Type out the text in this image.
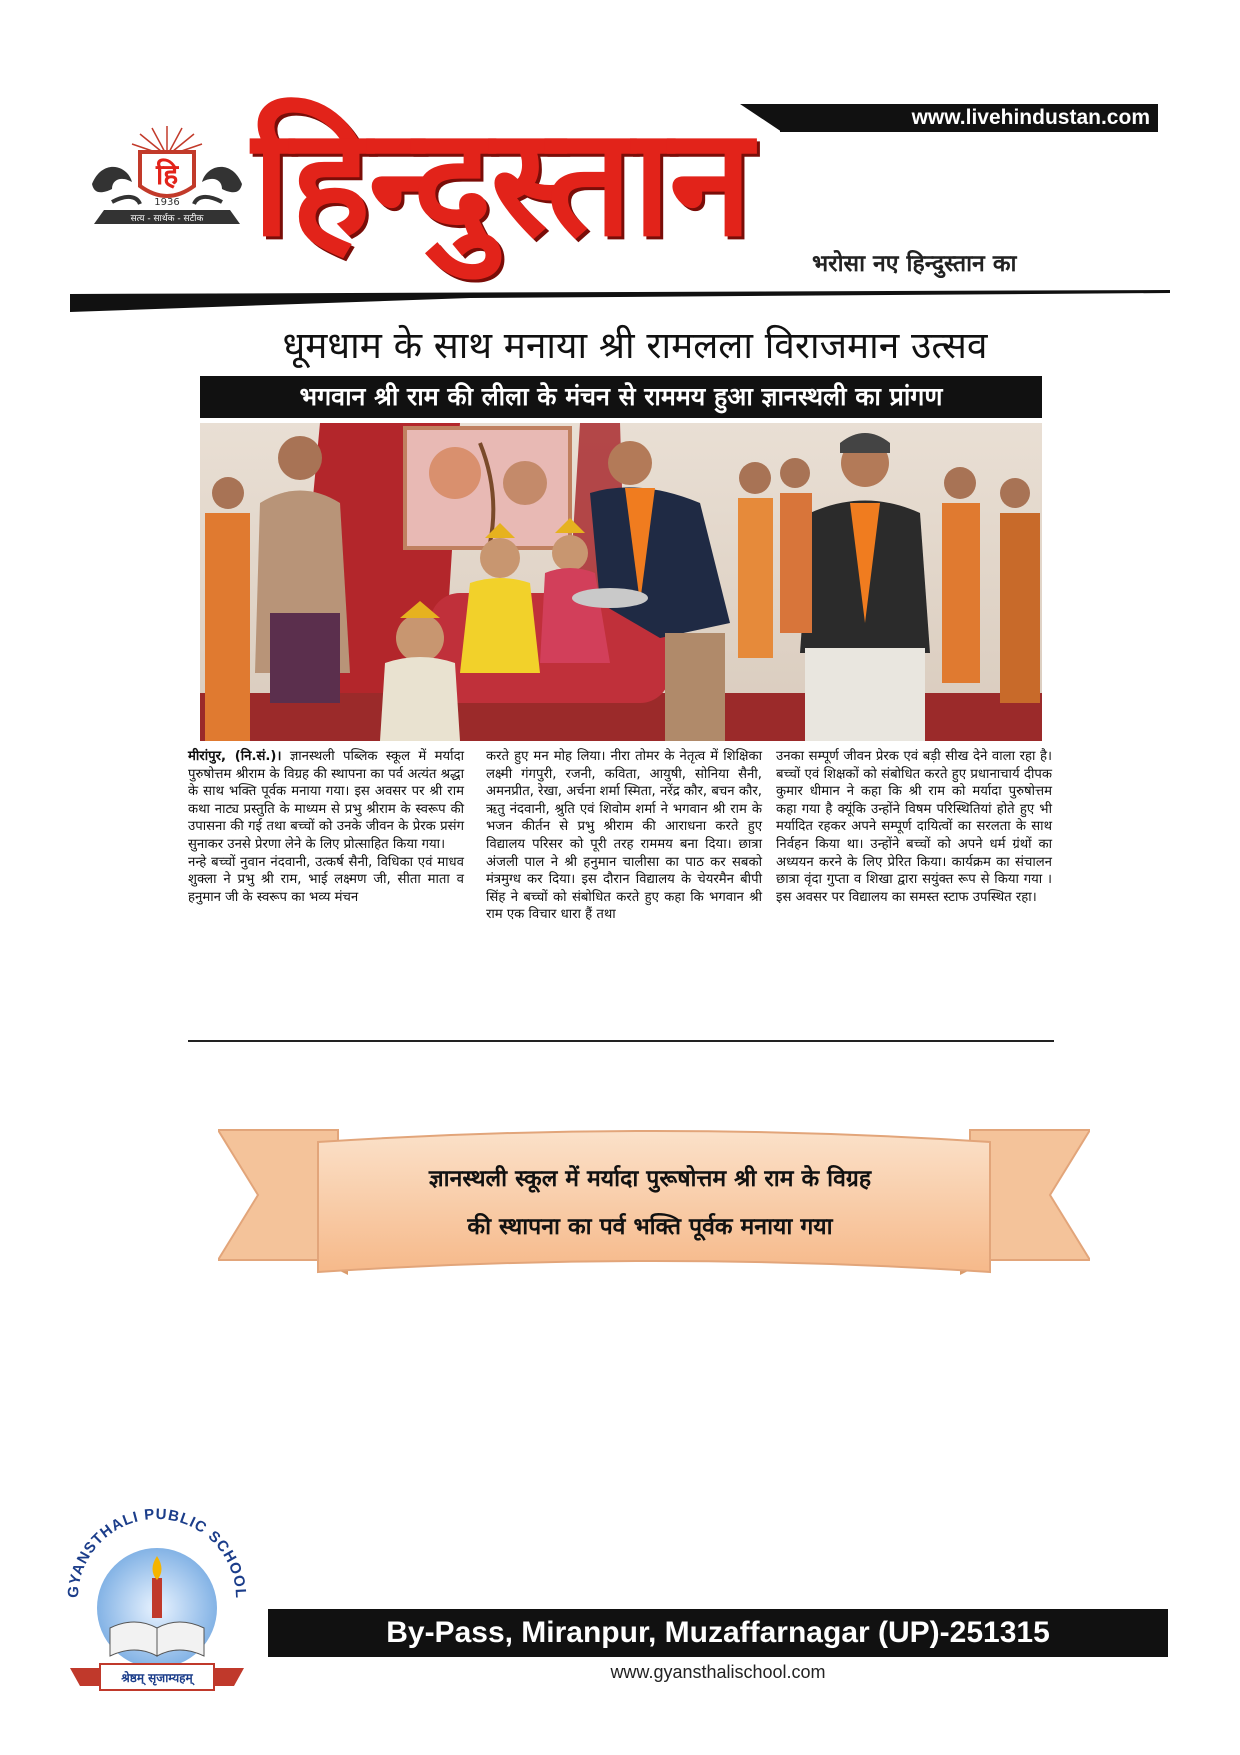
हि
1936
सत्य - सार्थक - सटीक
www.livehindustan.com
हिन्दुस्तान	भरोसा नए हिन्दुस्तान का
धूमधाम के साथ मनाया श्री रामलला विराजमान उत्सव
भगवान श्री राम की लीला के मंचन से राममय हुआ ज्ञानस्थली का प्रांगण

मीरांपुर, (नि.सं.)। ज्ञानस्थली पब्लिक स्कूल में मर्यादा पुरुषोत्तम श्रीराम के विग्रह की स्थापना का पर्व अत्यंत श्रद्धा के साथ भक्ति पूर्वक मनाया गया। इस अवसर पर श्री राम कथा नाट्य प्रस्तुति के माध्यम से प्रभु श्रीराम के स्वरूप की उपासना की गई तथा बच्चों को उनके जीवन के प्रेरक प्रसंग सुनाकर उनसे प्रेरणा लेने के लिए प्रोत्साहित किया गया।

नन्हे बच्चों नुवान नंदवानी, उत्कर्ष सैनी, विधिका एवं माधव शुक्ला ने प्रभु श्री राम, भाई लक्ष्मण जी, सीता माता व हनुमान जी के स्वरूप का भव्य मंचन

करते हुए मन मोह लिया। नीरा तोमर के नेतृत्व में शिक्षिका लक्ष्मी गंगपुरी, रजनी, कविता, आयुषी, सोनिया सैनी, अमनप्रीत, रेखा, अर्चना शर्मा स्मिता, नरेंद्र कौर, बचन कौर, ऋतु नंदवानी, श्रुति एवं शिवोम शर्मा ने भगवान श्री राम के भजन कीर्तन से प्रभु श्रीराम की आराधना करते हुए विद्यालय परिसर को पूरी तरह राममय बना दिया। छात्रा अंजली पाल ने श्री हनुमान चालीसा का पाठ कर सबको मंत्रमुग्ध कर दिया। इस दौरान विद्यालय के चेयरमैन बीपी सिंह ने बच्चों को संबोधित करते हुए कहा कि भगवान श्री राम एक विचार धारा हैं तथा

उनका सम्पूर्ण जीवन प्रेरक एवं बड़ी सीख देने वाला रहा है। बच्चों एवं शिक्षकों को संबोधित करते हुए प्रधानाचार्य दीपक कुमार धीमान ने कहा कि श्री राम को मर्यादा पुरुषोत्तम कहा गया है क्यूंकि उन्होंने विषम परिस्थितियां होते हुए भी मर्यादित रहकर अपने सम्पूर्ण दायित्वों का सरलता के साथ निर्वहन किया था। उन्होंने बच्चों को अपने धर्म ग्रंथों का अध्ययन करने के लिए प्रेरित किया। कार्यक्रम का संचालन छात्रा वृंदा गुप्ता व शिखा द्वारा सयुंक्त रूप से किया गया । इस अवसर पर विद्यालय का समस्त स्टाफ उपस्थित रहा।

ज्ञानस्थली स्कूल में मर्यादा पुरूषोत्तम श्री राम के विग्रह
की स्थापना का पर्व भक्ति पूर्वक मनाया गया
GYANSTHALI PUBLIC SCHOOL
श्रेष्ठम् सृजाम्यहम्
By-Pass, Miranpur, Muzaffarnagar (UP)-251315
www.gyansthalischool.com
